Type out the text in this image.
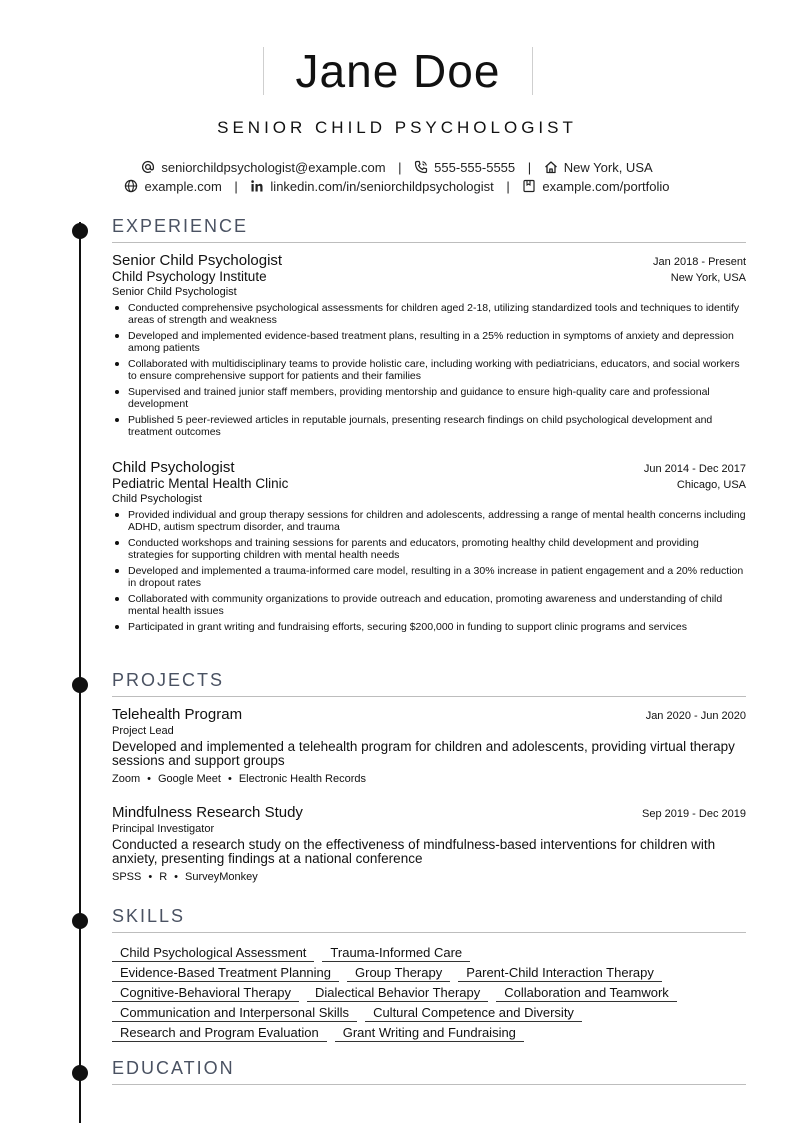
Jane Doe
SENIOR CHILD PSYCHOLOGIST
seniorchildpsychologist@example.com |	555-555-5555 |	New York, USA
example.com |	linkedin.com/in/seniorchildpsychologist |	example.com/portfolio
EXPERIENCE
Senior Child Psychologist	Jan 2018 - Present
Child Psychology Institute	New York, USA
Senior Child Psychologist
Conducted comprehensive psychological assessments for children aged 2-18, utilizing standardized tools and techniques to identify areas of strength and weakness
Developed and implemented evidence-based treatment plans, resulting in a 25% reduction in symptoms of anxiety and depression among patients
Collaborated with multidisciplinary teams to provide holistic care, including working with pediatricians, educators, and social workers to ensure comprehensive support for patients and their families
Supervised and trained junior staff members, providing mentorship and guidance to ensure high-quality care and professional development
Published 5 peer-reviewed articles in reputable journals, presenting research findings on child psychological development and treatment outcomes
Child Psychologist	Jun 2014 - Dec 2017
Pediatric Mental Health Clinic	Chicago, USA
Child Psychologist
Provided individual and group therapy sessions for children and adolescents, addressing a range of mental health concerns including ADHD, autism spectrum disorder, and trauma
Conducted workshops and training sessions for parents and educators, promoting healthy child development and providing strategies for supporting children with mental health needs
Developed and implemented a trauma-informed care model, resulting in a 30% increase in patient engagement and a 20% reduction in dropout rates
Collaborated with community organizations to provide outreach and education, promoting awareness and understanding of child mental health issues
Participated in grant writing and fundraising efforts, securing $200,000 in funding to support clinic programs and services
PROJECTS
Telehealth Program	Jan 2020 - Jun 2020
Project Lead
Developed and implemented a telehealth program for children and adolescents, providing virtual therapy sessions and support groups
Zoom • Google Meet • Electronic Health Records
Mindfulness Research Study	Sep 2019 - Dec 2019
Principal Investigator
Conducted a research study on the effectiveness of mindfulness-based interventions for children with anxiety, presenting findings at a national conference
SPSS • R • SurveyMonkey
SKILLS
Child Psychological Assessment	Trauma-Informed Care
Evidence-Based Treatment Planning	Group Therapy	Parent-Child Interaction Therapy
Cognitive-Behavioral Therapy	Dialectical Behavior Therapy	Collaboration and Teamwork
Communication and Interpersonal Skills	Cultural Competence and Diversity
Research and Program Evaluation	Grant Writing and Fundraising
EDUCATION
